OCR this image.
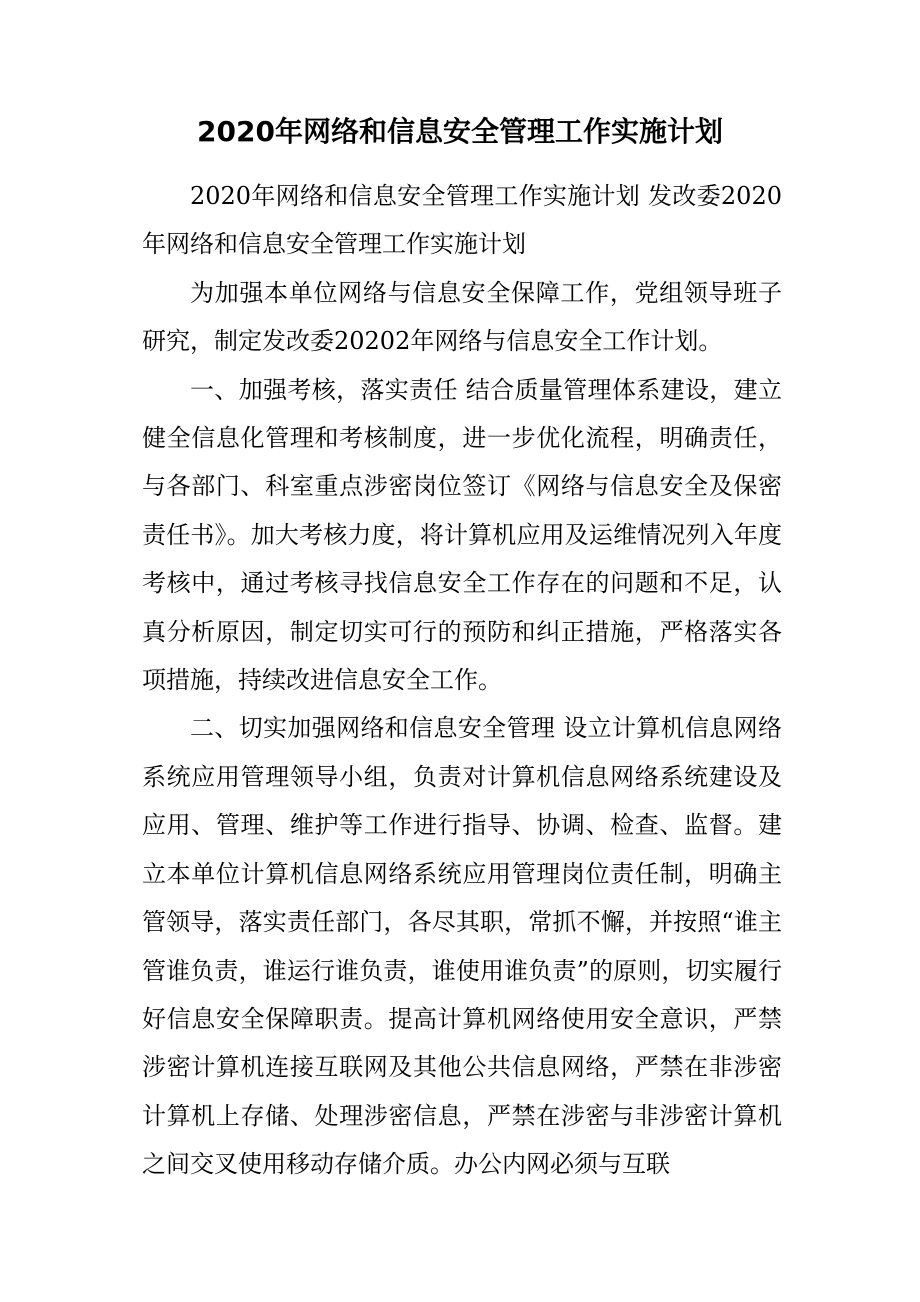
2020年网络和信息安全管理工作实施计划

2020年网络和信息安全管理工作实施计划 发改委2020年网络和信息安全管理工作实施计划

为加强本单位网络与信息安全保障工作，党组领导班子研究，制定发改委20202年网络与信息安全工作计划。

一、加强考核，落实责任 结合质量管理体系建设，建立健全信息化管理和考核制度，进一步优化流程，明确责任，与各部门、科室重点涉密岗位签订《网络与信息安全及保密责任书》。加大考核力度，将计算机应用及运维情况列入年度考核中，通过考核寻找信息安全工作存在的问题和不足，认真分析原因，制定切实可行的预防和纠正措施，严格落实各项措施，持续改进信息安全工作。

二、切实加强网络和信息安全管理 设立计算机信息网络系统应用管理领导小组，负责对计算机信息网络系统建设及应用、管理、维护等工作进行指导、协调、检查、监督。建立本单位计算机信息网络系统应用管理岗位责任制，明确主管领导，落实责任部门，各尽其职，常抓不懈，并按照“谁主管谁负责，谁运行谁负责，谁使用谁负责”的原则，切实履行好信息安全保障职责。提高计算机网络使用安全意识，严禁涉密计算机连接互联网及其他公共信息网络，严禁在非涉密计算机上存储、处理涉密信息，严禁在涉密与非涉密计算机之间交叉使用移动存储介质。办公内网必须与互联
